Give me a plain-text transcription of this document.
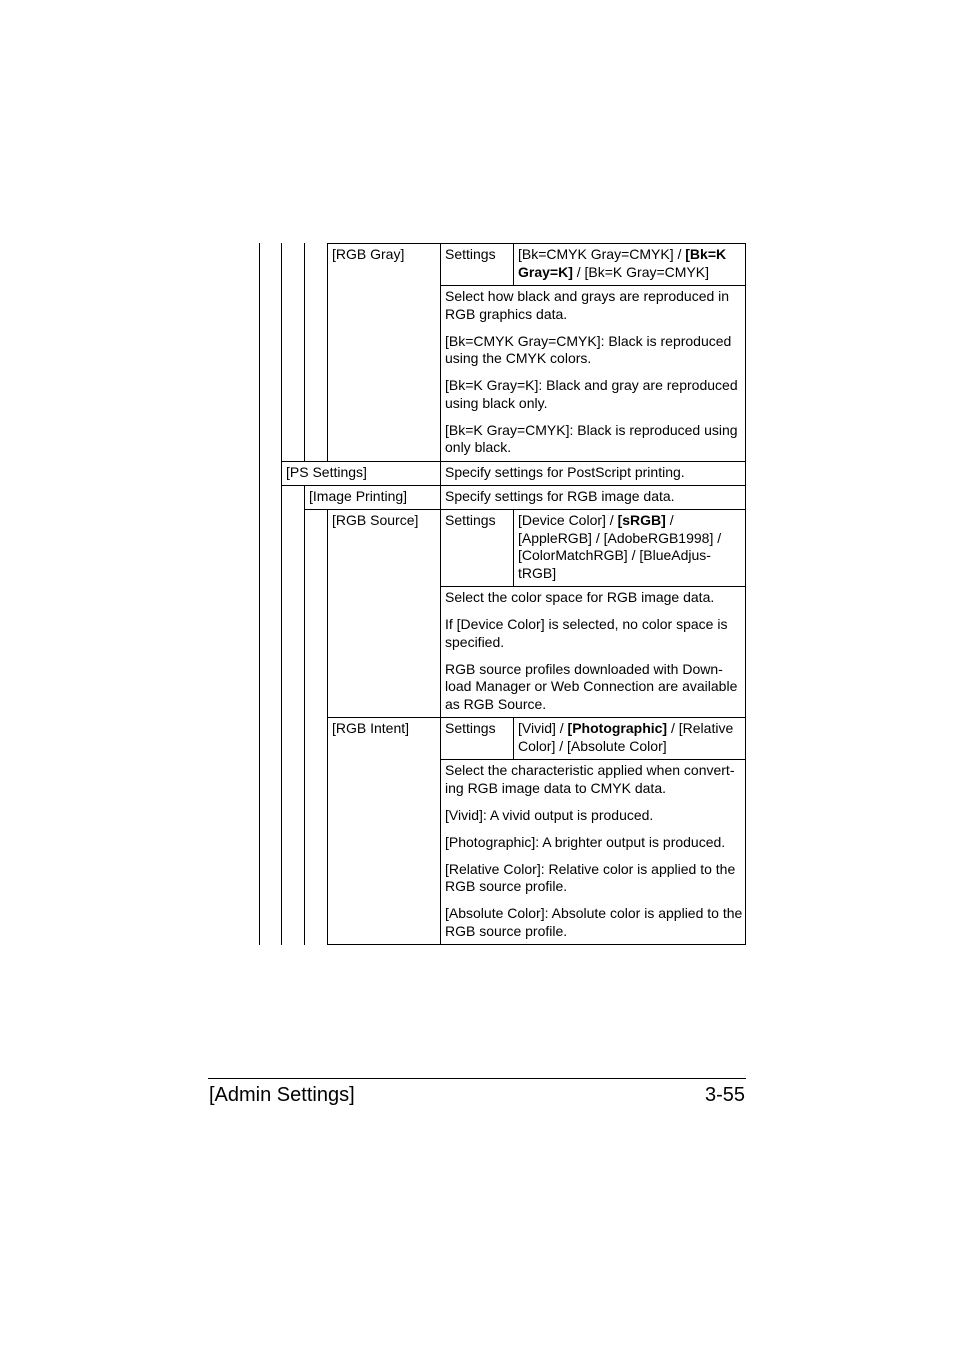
[RGB Gray]	Settings	[Bk=CMYK Gray=CMYK] / [Bk=K Gray=K] / [Bk=K Gray=CMYK]

Select how black and grays are reproduced in RGB graphics data.

[Bk=CMYK Gray=CMYK]: Black is reproduced using the CMYK colors.

[Bk=K Gray=K]: Black and gray are reproduced using black only.

[Bk=K Gray=CMYK]: Black is reproduced using only black.

[PS Settings]	Specify settings for PostScript printing.
[Image Printing]	Specify settings for RGB image data.
[RGB Source]	Settings	[Device Color] / [sRGB] / [AppleRGB] / [AdobeRGB1998] / [ColorMatchRGB] / [BlueAdjus-tRGB]

Select the color space for RGB image data.

If [Device Color] is selected, no color space is specified.

RGB source profiles downloaded with Down-load Manager or Web Connection are available as RGB Source.

[RGB Intent]	Settings	[Vivid] / [Photographic] / [Relative Color] / [Absolute Color]

Select the characteristic applied when convert-ing RGB image data to CMYK data.

[Vivid]: A vivid output is produced.

[Photographic]: A brighter output is produced.

[Relative Color]: Relative color is applied to the RGB source profile.

[Absolute Color]: Absolute color is applied to the RGB source profile.

[Admin Settings]	3-55
